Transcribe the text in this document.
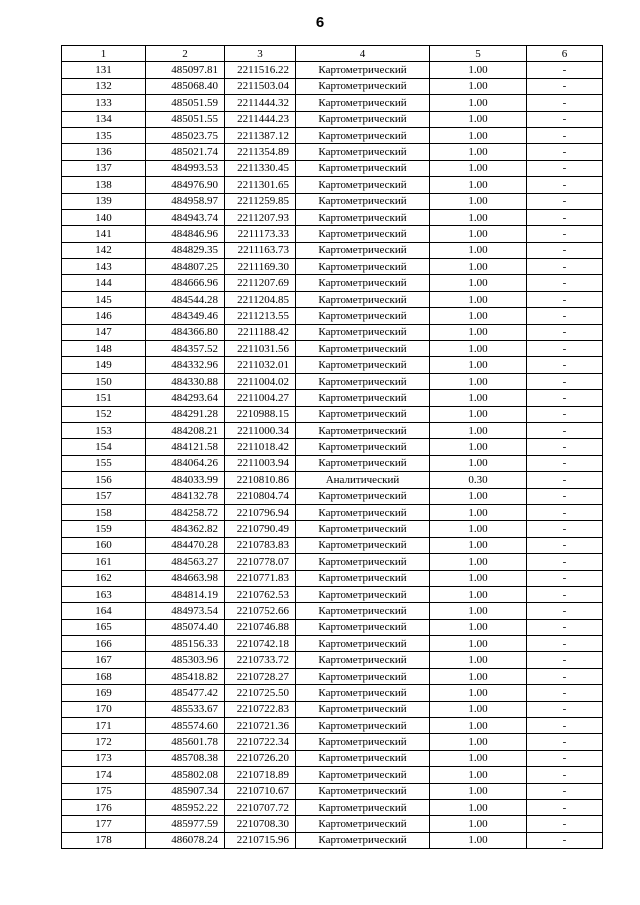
6
1	2	3	4	5	6
131	485097.81	2211516.22	Картометрический	1.00	-
132	485068.40	2211503.04	Картометрический	1.00	-
133	485051.59	2211444.32	Картометрический	1.00	-
134	485051.55	2211444.23	Картометрический	1.00	-
135	485023.75	2211387.12	Картометрический	1.00	-
136	485021.74	2211354.89	Картометрический	1.00	-
137	484993.53	2211330.45	Картометрический	1.00	-
138	484976.90	2211301.65	Картометрический	1.00	-
139	484958.97	2211259.85	Картометрический	1.00	-
140	484943.74	2211207.93	Картометрический	1.00	-
141	484846.96	2211173.33	Картометрический	1.00	-
142	484829.35	2211163.73	Картометрический	1.00	-
143	484807.25	2211169.30	Картометрический	1.00	-
144	484666.96	2211207.69	Картометрический	1.00	-
145	484544.28	2211204.85	Картометрический	1.00	-
146	484349.46	2211213.55	Картометрический	1.00	-
147	484366.80	2211188.42	Картометрический	1.00	-
148	484357.52	2211031.56	Картометрический	1.00	-
149	484332.96	2211032.01	Картометрический	1.00	-
150	484330.88	2211004.02	Картометрический	1.00	-
151	484293.64	2211004.27	Картометрический	1.00	-
152	484291.28	2210988.15	Картометрический	1.00	-
153	484208.21	2211000.34	Картометрический	1.00	-
154	484121.58	2211018.42	Картометрический	1.00	-
155	484064.26	2211003.94	Картометрический	1.00	-
156	484033.99	2210810.86	Аналитический	0.30	-
157	484132.78	2210804.74	Картометрический	1.00	-
158	484258.72	2210796.94	Картометрический	1.00	-
159	484362.82	2210790.49	Картометрический	1.00	-
160	484470.28	2210783.83	Картометрический	1.00	-
161	484563.27	2210778.07	Картометрический	1.00	-
162	484663.98	2210771.83	Картометрический	1.00	-
163	484814.19	2210762.53	Картометрический	1.00	-
164	484973.54	2210752.66	Картометрический	1.00	-
165	485074.40	2210746.88	Картометрический	1.00	-
166	485156.33	2210742.18	Картометрический	1.00	-
167	485303.96	2210733.72	Картометрический	1.00	-
168	485418.82	2210728.27	Картометрический	1.00	-
169	485477.42	2210725.50	Картометрический	1.00	-
170	485533.67	2210722.83	Картометрический	1.00	-
171	485574.60	2210721.36	Картометрический	1.00	-
172	485601.78	2210722.34	Картометрический	1.00	-
173	485708.38	2210726.20	Картометрический	1.00	-
174	485802.08	2210718.89	Картометрический	1.00	-
175	485907.34	2210710.67	Картометрический	1.00	-
176	485952.22	2210707.72	Картометрический	1.00	-
177	485977.59	2210708.30	Картометрический	1.00	-
178	486078.24	2210715.96	Картометрический	1.00	-
